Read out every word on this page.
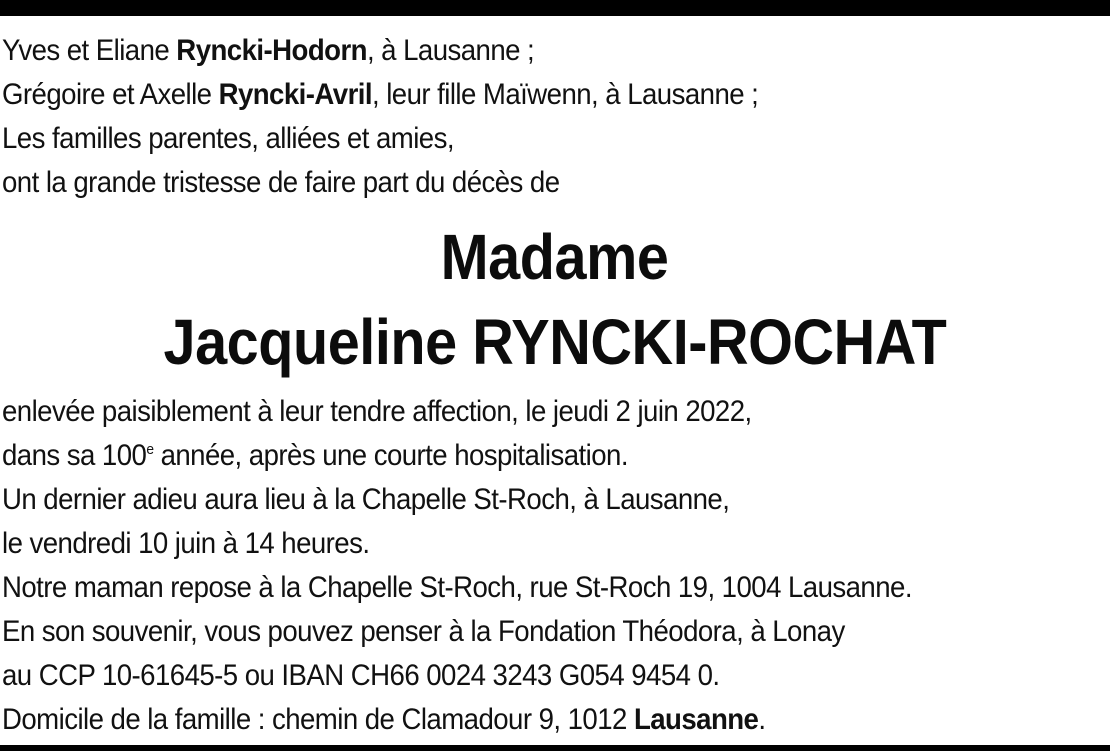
Yves et Eliane Ryncki-Hodorn, à Lausanne ;
Grégoire et Axelle Ryncki-Avril, leur fille Maïwenn, à Lausanne ;
Les familles parentes, alliées et amies,
ont la grande tristesse de faire part du décès de
Madame
Jacqueline RYNCKI-ROCHAT
enlevée paisiblement à leur tendre affection, le jeudi 2 juin 2022,
dans sa 100e année, après une courte hospitalisation.
Un dernier adieu aura lieu à la Chapelle St-Roch, à Lausanne,
le vendredi 10 juin à 14 heures.
Notre maman repose à la Chapelle St-Roch, rue St-Roch 19, 1004 Lausanne.
En son souvenir, vous pouvez penser à la Fondation Théodora, à Lonay
au CCP 10-61645-5 ou IBAN CH66 0024 3243 G054 9454 0.
Domicile de la famille : chemin de Clamadour 9, 1012 Lausanne.
